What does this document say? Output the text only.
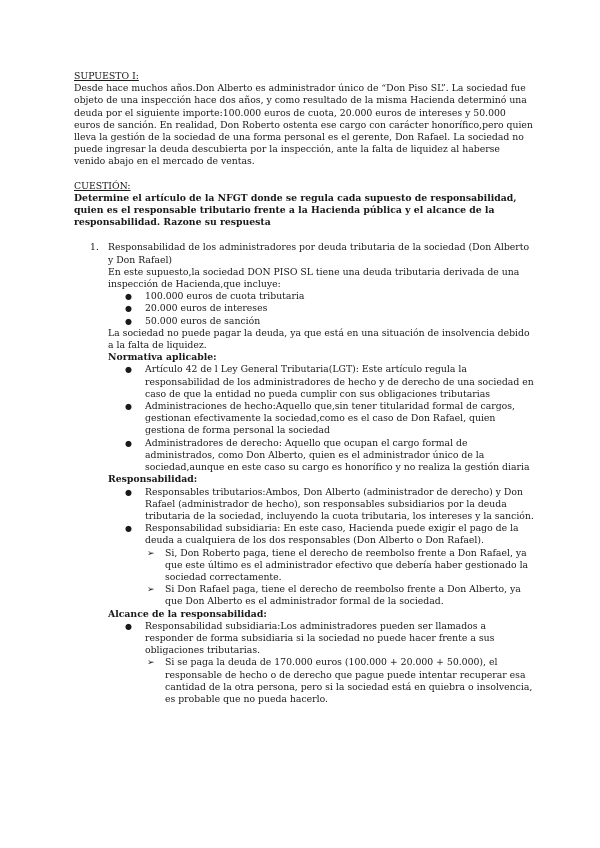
SUPUESTO I:

Desde hace muchos años.Don Alberto es administrador único de “Don Piso SL”. La sociedad fue objeto de una inspección hace dos años, y como resultado de la misma Hacienda determinó una deuda por el siguiente importe:100.000 euros de cuota, 20.000 euros de intereses y 50.000 euros de sanción. En realidad, Don Roberto ostenta ese cargo con carácter honorífico,pero quien lleva la gestión de la sociedad de una forma personal es el gerente, Don Rafael. La sociedad no puede ingresar la deuda descubierta por la inspección, ante la falta de liquidez al haberse venido abajo en el mercado de ventas.

CUESTIÓN:

Determine el artículo de la NFGT donde se regula cada supuesto de responsabilidad, quien es el responsable tributario frente a la Hacienda pública y el alcance de la responsabilidad. Razone su respuesta

1. Responsabilidad de los administradores por deuda tributaria de la sociedad (Don Alberto y Don Rafael)

En este supuesto,la sociedad DON PISO SL tiene una deuda tributaria derivada de una inspección de Hacienda,que incluye:

● 100.000 euros de cuota tributaria
● 20.000 euros de intereses
● 50.000 euros de sanción

La sociedad no puede pagar la deuda, ya que está en una situación de insolvencia debido a la falta de liquidez.

Normativa aplicable:

● Artículo 42 de l Ley General Tributaria(LGT): Este artículo regula la responsabilidad de los administradores de hecho y de derecho de una sociedad en caso de que la entidad no pueda cumplir con sus obligaciones tributarias
● Administraciones de hecho:Aquello que,sin tener titularidad formal de cargos, gestionan efectivamente la sociedad,como es el caso de Don Rafael, quien gestiona de forma personal la sociedad
● Administradores de derecho: Aquello que ocupan el cargo formal de administrados, como Don Alberto, quien es el administrador único de la sociedad,aunque en este caso su cargo es honorífico y no realiza la gestión diaria

Responsabilidad:

● Responsables tributarios:Ambos, Don Alberto (administrador de derecho) y Don Rafael (administrador de hecho), son responsables subsidiarios por la deuda tributaria de la sociedad, incluyendo la cuota tributaria, los intereses y la sanción.
● Responsabilidad subsidiaria: En este caso, Hacienda puede exigir el pago de la deuda a cualquiera de los dos responsables (Don Alberto o Don Rafael).
➢ Si, Don Roberto paga, tiene el derecho de reembolso frente a Don Rafael, ya que este último es el administrador efectivo que debería haber gestionado la sociedad correctamente.
➢ Si Don Rafael paga, tiene el derecho de reembolso frente a Don Alberto, ya que Don Alberto es el administrador formal de la sociedad.

Alcance de la responsabilidad:

● Responsabilidad subsidiaria:Los administradores pueden ser llamados a responder de forma subsidiaria si la sociedad no puede hacer frente a sus obligaciones tributarias.
➢ Si se paga la deuda de 170.000 euros (100.000 + 20.000 + 50.000), el responsable de hecho o de derecho que pague puede intentar recuperar esa cantidad de la otra persona, pero si la sociedad está en quiebra o insolvencia, es probable que no pueda hacerlo.
